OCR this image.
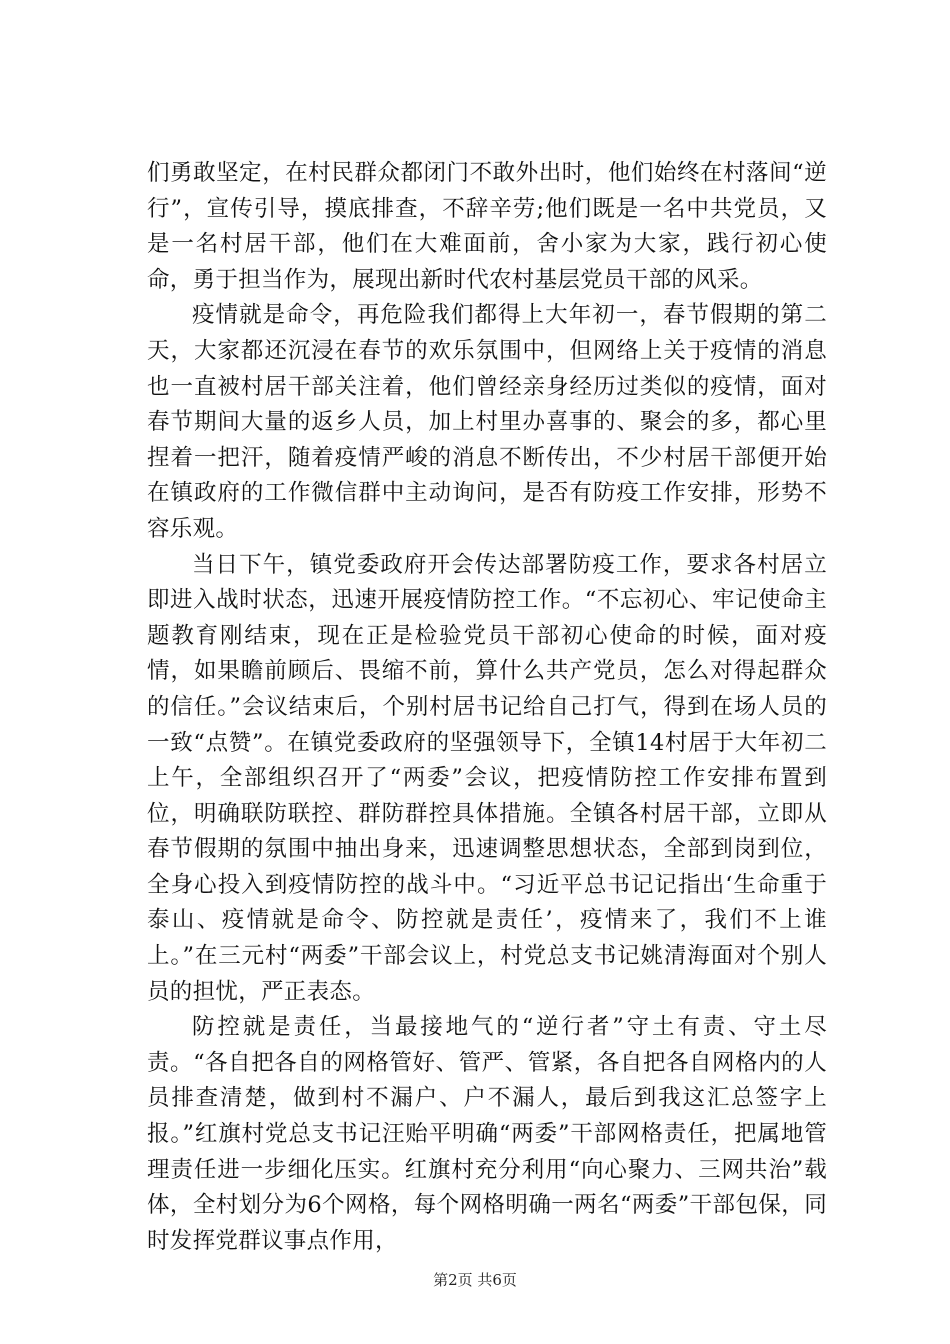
们勇敢坚定，在村民群众都闭门不敢外出时，他们始终在村落间“逆行”，宣传引导，摸底排查，不辞辛劳;他们既是一名中共党员，又是一名村居干部，他们在大难面前，舍小家为大家，践行初心使命，勇于担当作为，展现出新时代农村基层党员干部的风采。

疫情就是命令，再危险我们都得上大年初一，春节假期的第二天，大家都还沉浸在春节的欢乐氛围中，但网络上关于疫情的消息也一直被村居干部关注着，他们曾经亲身经历过类似的疫情，面对春节期间大量的返乡人员，加上村里办喜事的、聚会的多，都心里捏着一把汗，随着疫情严峻的消息不断传出，不少村居干部便开始在镇政府的工作微信群中主动询问，是否有防疫工作安排，形势不容乐观。

当日下午，镇党委政府开会传达部署防疫工作，要求各村居立即进入战时状态，迅速开展疫情防控工作。“不忘初心、牢记使命主题教育刚结束，现在正是检验党员干部初心使命的时候，面对疫情，如果瞻前顾后、畏缩不前，算什么共产党员，怎么对得起群众的信任。”会议结束后，个别村居书记给自己打气，得到在场人员的一致“点赞”。在镇党委政府的坚强领导下，全镇14村居于大年初二上午，全部组织召开了“两委”会议，把疫情防控工作安排布置到位，明确联防联控、群防群控具体措施。全镇各村居干部，立即从春节假期的氛围中抽出身来，迅速调整思想状态，全部到岗到位，全身心投入到疫情防控的战斗中。“习近平总书记记指出‘生命重于泰山、疫情就是命令、防控就是责任’，疫情来了，我们不上谁上。”在三元村“两委”干部会议上，村党总支书记姚清海面对个别人员的担忧，严正表态。

防控就是责任，当最接地气的“逆行者”守土有责、守土尽责。“各自把各自的网格管好、管严、管紧，各自把各自网格内的人员排查清楚，做到村不漏户、户不漏人，最后到我这汇总签字上报。”红旗村党总支书记汪贻平明确“两委”干部网格责任，把属地管理责任进一步细化压实。红旗村充分利用“向心聚力、三网共治”载体，全村划分为6个网格，每个网格明确一两名“两委”干部包保，同时发挥党群议事点作用，

第2页 共6页
